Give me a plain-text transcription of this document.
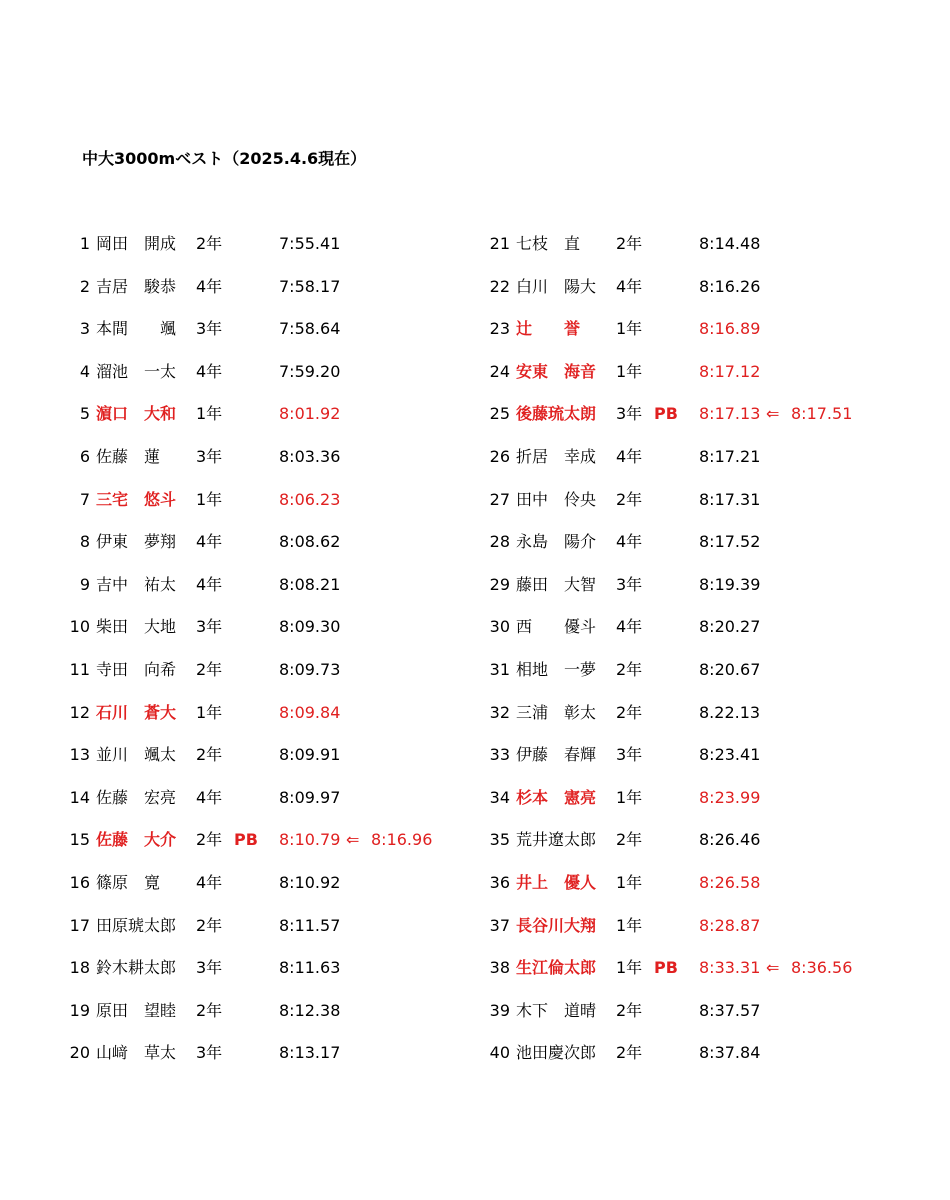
中大3000mベスト（2025.4.6現在）
1 岡田　開成	2年	7:55.41
2 吉居　駿恭	4年	7:58.17
3 本間　　颯	3年	7:58.64
4 溜池　一太	4年	7:59.20
5 濵口　大和	1年	8:01.92
6 佐藤　蓮	3年	8:03.36
7 三宅　悠斗	1年	8:06.23
8 伊東　夢翔	4年	8:08.62
9 吉中　祐太	4年	8:08.21
10 柴田　大地	3年	8:09.30
11 寺田　向希	2年	8:09.73
12 石川　蒼大	1年	8:09.84
13 並川　颯太	2年	8:09.91
14 佐藤　宏亮	4年	8:09.97
15 佐藤　大介	2年 PB 8:10.79 ⇐ 8:16.96
16 篠原　寛	4年	8:10.92
17 田原琥太郎	2年	8:11.57
18 鈴木耕太郎	3年	8:11.63
19 原田　望睦	2年	8:12.38
20 山﨑　草太	3年	8:13.17
21 七枝　直	2年	8:14.48
22 白川　陽大	4年	8:16.26
23 辻　　誉	1年	8:16.89
24 安東　海音	1年	8:17.12
25 後藤琉太朗	3年 PB 8:17.13 ⇐ 8:17.51
26 折居　幸成	4年	8:17.21
27 田中　伶央	2年	8:17.31
28 永島　陽介	4年	8:17.52
29 藤田　大智	3年	8:19.39
30 西　　優斗	4年	8:20.27
31 相地　一夢	2年	8:20.67
32 三浦　彰太	2年	8.22.13
33 伊藤　春輝	3年	8:23.41
34 杉本　憲亮	1年	8:23.99
35 荒井遼太郎	2年	8:26.46
36 井上　優人	1年	8:26.58
37 長谷川大翔	1年	8:28.87
38 生江倫太郎	1年 PB 8:33.31 ⇐ 8:36.56
39 木下　道晴	2年	8:37.57
40 池田慶次郎	2年	8:37.84
